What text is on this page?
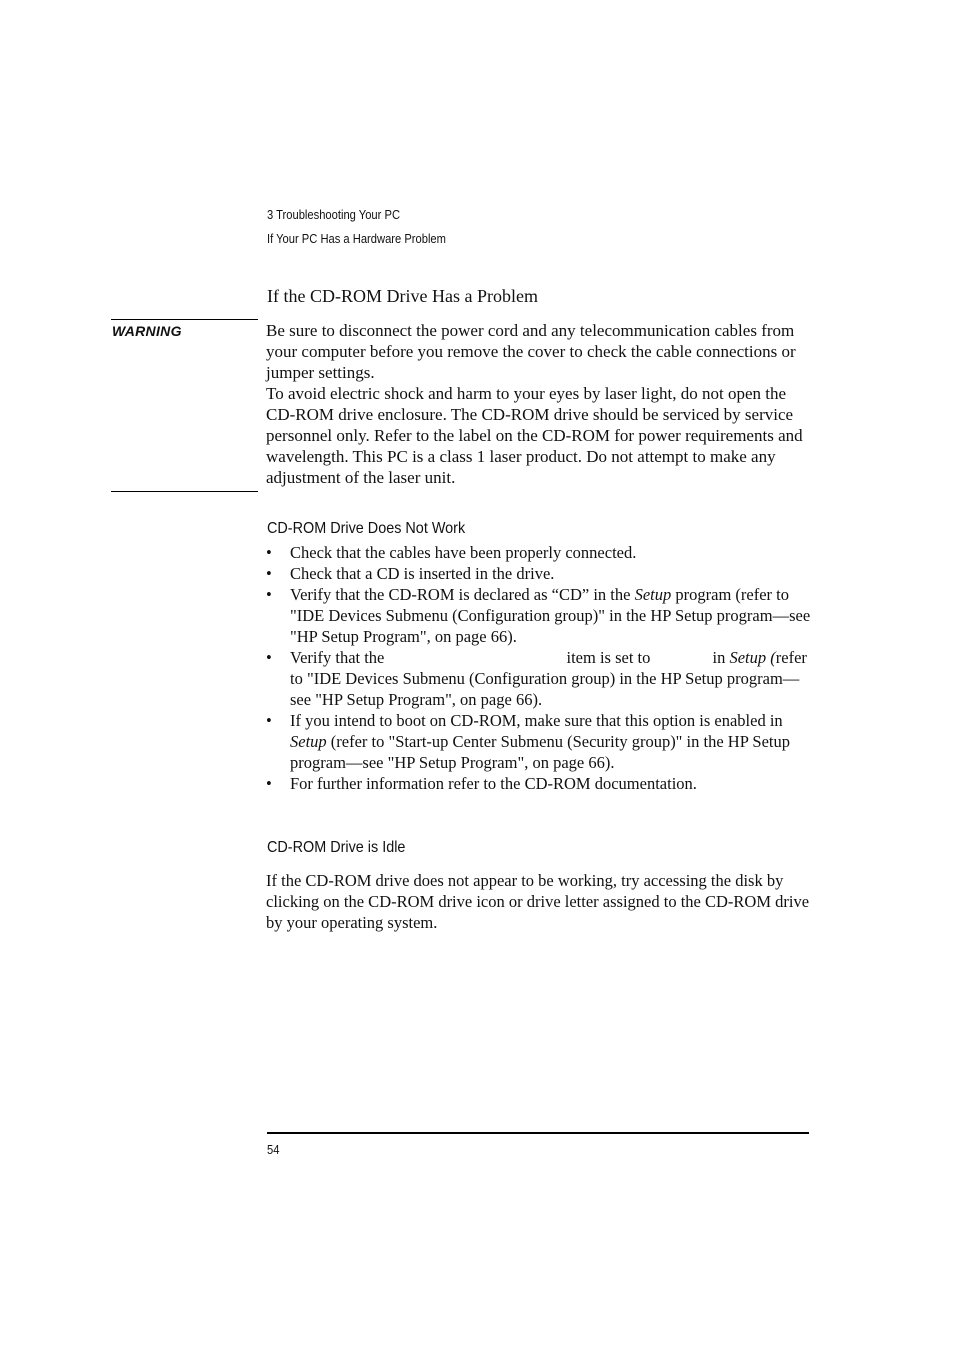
3 Troubleshooting Your PC
If Your PC Has a Hardware Problem
If the CD-ROM Drive Has a Problem
WARNING	Be sure to disconnect the power cord and any telecommunication cables from your computer before you remove the cover to check the cable connections or jumper settings.

To avoid electric shock and harm to your eyes by laser light, do not open the CD-ROM drive enclosure. The CD-ROM drive should be serviced by service personnel only. Refer to the label on the CD-ROM for power requirements and wavelength. This PC is a class 1 laser product. Do not attempt to make any adjustment of the laser unit.

CD-ROM Drive Does Not Work
• Check that the cables have been properly connected.
• Check that a CD is inserted in the drive.
• Verify that the CD-ROM is declared as “CD” in the Setup program (refer to "IDE Devices Submenu (Configuration group)" in the HP Setup program—see "HP Setup Program", on page 66).
• Verify that the	item is set to	in Setup (refer to "IDE Devices Submenu (Configuration group) in the HP Setup program—see "HP Setup Program", on page 66).
• If you intend to boot on CD-ROM, make sure that this option is enabled in Setup (refer to "Start-up Center Submenu (Security group)" in the HP Setup program—see "HP Setup Program", on page 66).
• For further information refer to the CD-ROM documentation.
CD-ROM Drive is Idle

If the CD-ROM drive does not appear to be working, try accessing the disk by clicking on the CD-ROM drive icon or drive letter assigned to the CD-ROM drive by your operating system.

54
